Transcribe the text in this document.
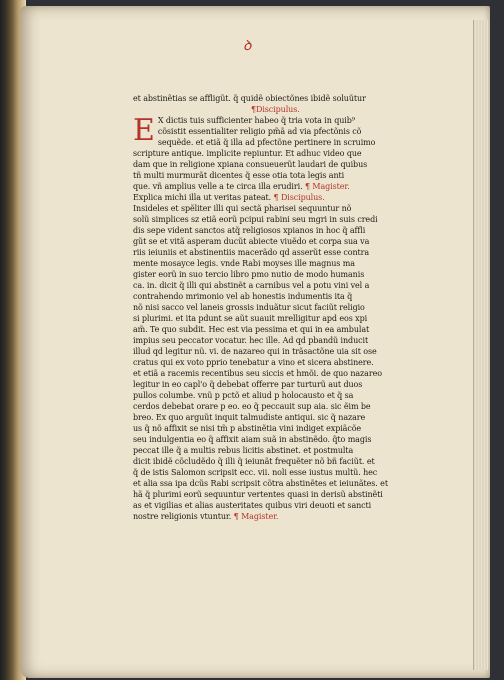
ꝺ
et abstinẽtias se affligũt. q̃ quidẽ obiectõnes ibidẽ soluũtur
¶Discipulus.
E X dictis tuis sufficienter habeo q̃ tria vota in quib⁹
cõsistit essentialiter religio pm̃ã ad via pfectõnis cõ
sequẽde. et etiã q̃ illa ad pfectõne pertinere in scruimo
scripture antique. implicite repiuntur. Et adhuc video que
dam que in religione xpiana consueuerũt laudari de quibus
tñ multi murmurãt dicentes q̃ esse otia tota legis anti
que. vñ amplius velle a te circa illa erudiri. ¶ Magister.
Explica michi illa ut veritas pateat. ¶ Discipulus.
Insideles et spẽliter illi qui sectã pharisei sequuntur nõ
solũ simplices sz etiã eorũ pcipui rabini seu mgri in suis credi
dis sepe vident sanctos atq̃ religiosos xpianos in hoc q̃ affli
gũt se et vitã asperam ducũt abiecte viuẽdo et corpa sua va
riis ieiuniis et abstinentiis macerãdo qd asserũt esse contra
mente mosayce legis. vnde Rabi moyses ille magnus ma
gister eorũ in suo tercio libro pmo nutio de modo humanis
ca. in. dicit q̃ illi qui abstinẽt a carnibus vel a potu vini vel a
contrahendo mrimonio vel ab honestis indumentis ita q̃
nõ nisi sacco vel laneis grossis induãtur sicut faciũt religio
si plurimi. et ita pdunt se aũt suauit mrelligitur apd eos xpi
am̃. Te quo subdit. Hec est via pessima et qui in ea ambulat
impius seu peccator vocatur. hec ille. Ad qd pbandũ inducit
illud qd legitur nũ. vi. de nazareo qui in trãsactõne uia sit ose
cratus qui ex voto pprio tenebatur a vino et sicera abstinere.
et etiã a racemis recentibus seu siccis et hmõi. de quo nazareo
legitur in eo capl'o q̃ debebat offerre par turturũ aut duos
pullos columbe. vnũ p pctõ et aliud p holocausto et q̃ sa
cerdos debebat orare p eo. eo q̃ peccauit sup aia. sic ẽim be
breo. Ex quo arguũt inquit talmudiste antiqui. sic q̃ nazare
us q̃ nõ affixit se nisi tm̃ p abstinẽtia vini indiget expiãcõe
seu indulgentia eo q̃ affixit aiam suã in abstinẽdo. q̃to magis
peccat ille q̃ a multis rebus licitis abstinet. et postmulta
dicit ibidẽ cõcludẽdo q̃ illi q̃ ieiunãt frequẽter nõ bñ faciũt. et
q̃ de istis Salomon scripsit ecc. vii. noli esse iustus multũ. hec
et alia ssa ipa dcũs Rabi scripsit cõtra abstinẽtes et ieiunãtes. et
hã q̃ plurimi eorũ sequuntur vertentes quasi in derisũ abstinẽti
as et vigilias et alias austeritates quibus viri deuoti et sancti
nostre religionis vtuntur. ¶ Magister.
